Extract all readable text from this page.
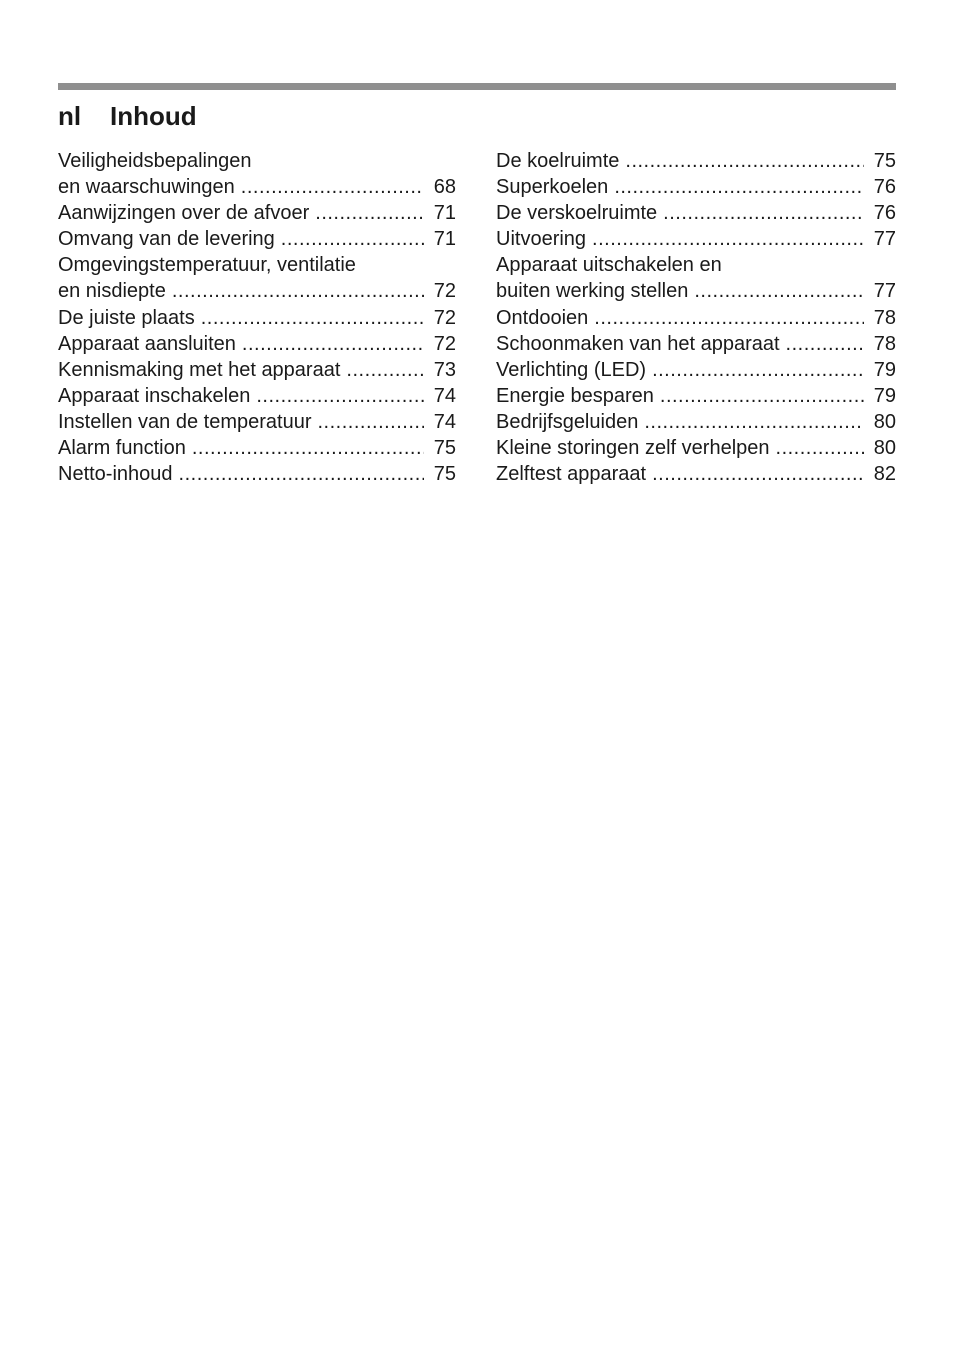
nl Inhoud
Veiligheidsbepalingen
en waarschuwingen .....	68
Aanwijzingen over de afvoer .....	71
Omvang van de levering .....	71
Omgevingstemperatuur, ventilatie
en nisdiepte .....	72
De juiste plaats .....	72
Apparaat aansluiten .....	72
Kennismaking met het apparaat .....	73
Apparaat inschakelen .....	74
Instellen van de temperatuur .....	74
Alarm function .....	75
Netto-inhoud .....	75
De koelruimte .....	75
Superkoelen .....	76
De verskoelruimte .....	76
Uitvoering .....	77
Apparaat uitschakelen en
buiten werking stellen .....	77
Ontdooien .....	78
Schoonmaken van het apparaat .....	78
Verlichting (LED) .....	79
Energie besparen .....	79
Bedrijfsgeluiden .....	80
Kleine storingen zelf verhelpen .....	80
Zelftest apparaat .....	82
